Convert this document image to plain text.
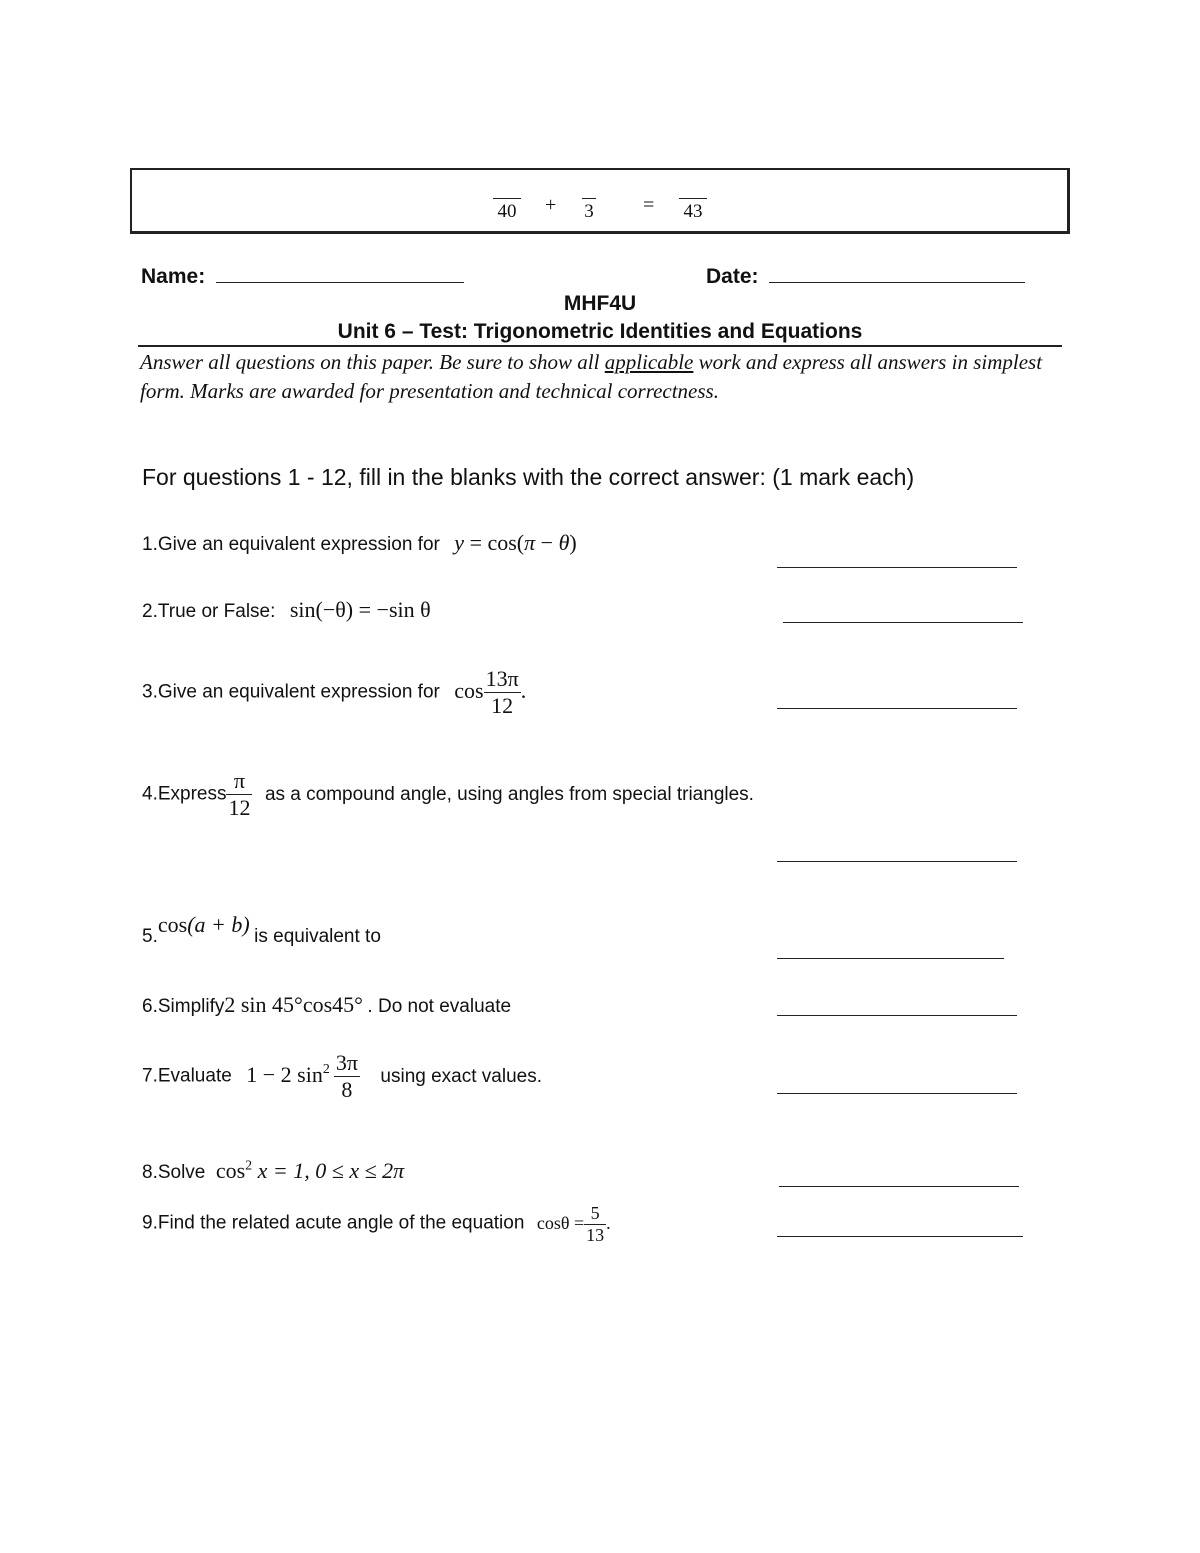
40 + 3 = 43
Name:	Date:
MHF4U
Unit 6 – Test: Trigonometric Identities and Equations
Answer all questions on this paper. Be sure to show all applicable work and express all answers in simplest form. Marks are awarded for presentation and technical correctness.
For questions 1 - 12, fill in the blanks with the correct answer: (1 mark each)
1.Give an equivalent expression for y = cos(π − θ)
2.True or False: sin(−θ) = −sin θ
3.Give an equivalent expression for $\cos \frac{13\pi}{12}$ .
4.Express $\frac{\pi}{12}$ as a compound angle, using angles from special triangles.
5.cos(a + b) is equivalent to
6.Simplify2 sin 45°cos45° . Do not evaluate
7.Evaluate 1 − 2 $\sin^2 \frac{3\pi}{8}$ using exact values.
8.Solve $\cos^2 x = 1$, 0 ≤ x ≤ 2π
9.Find the related acute angle of the equation $\cos\theta = \frac{5}{13}$ .
